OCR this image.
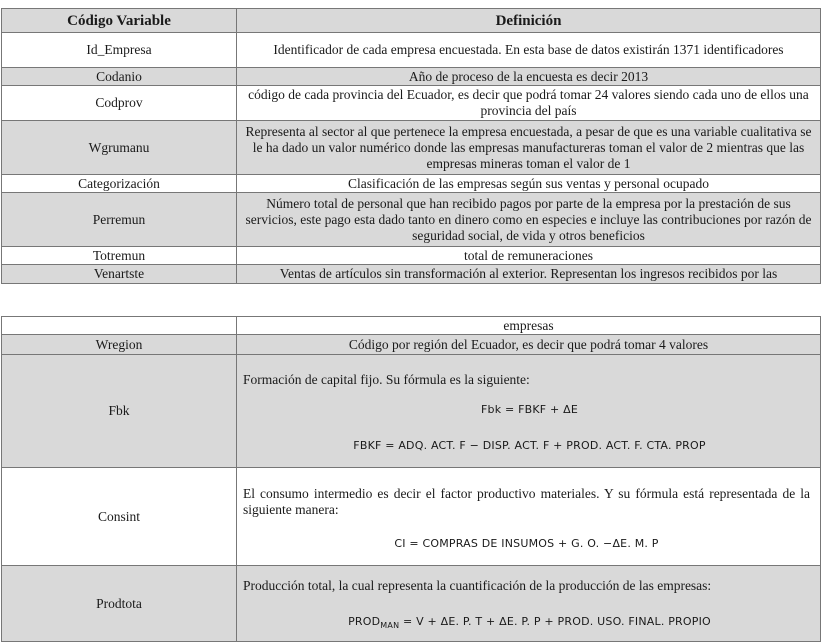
Código Variable	Definición
Id_Empresa	Identificador de cada empresa encuestada. En esta base de datos existirán 1371 identificadores
Codanio	Año de proceso de la encuesta es decir 2013
Codprov	código de cada provincia del Ecuador, es decir que podrá tomar 24 valores siendo cada uno de ellos una provincia del país
Wgrumanu	Representa al sector al que pertenece la empresa encuestada, a pesar de que es una variable cualitativa se le ha dado un valor numérico donde las empresas manufactureras toman el valor de 2 mientras que las empresas mineras toman el valor de 1
Categorización	Clasificación de las empresas según sus ventas y personal ocupado
Perremun	Número total de personal que han recibido pagos por parte de la empresa por la prestación de sus servicios, este pago esta dado tanto en dinero como en especies e incluye las contribuciones por razón de seguridad social, de vida y otros beneficios
Totremun	total de remuneraciones
Venartste	Ventas de artículos sin transformación al exterior. Representan los ingresos recibidos por las
	empresas
Wregion	Código por región del Ecuador, es decir que podrá tomar 4 valores
Fbk	Formación de capital fijo. Su fórmula es la siguiente:
Fbk = FBKF + ΔE
FBKF = ADQ. ACT. F − DISP. ACT. F + PROD. ACT. F. CTA. PROP

Consint	El consumo intermedio es decir el factor productivo materiales. Y su fórmula está representada de la siguiente manera:
CI = COMPRAS DE INSUMOS + G. O. −ΔE. M. P

Prodtota	Producción total, la cual representa la cuantificación de la producción de las empresas:
$PROD_{MAN} = V + \Delta E$. P. T + ΔE. P. P + PROD. USO. FINAL. PROPIO
